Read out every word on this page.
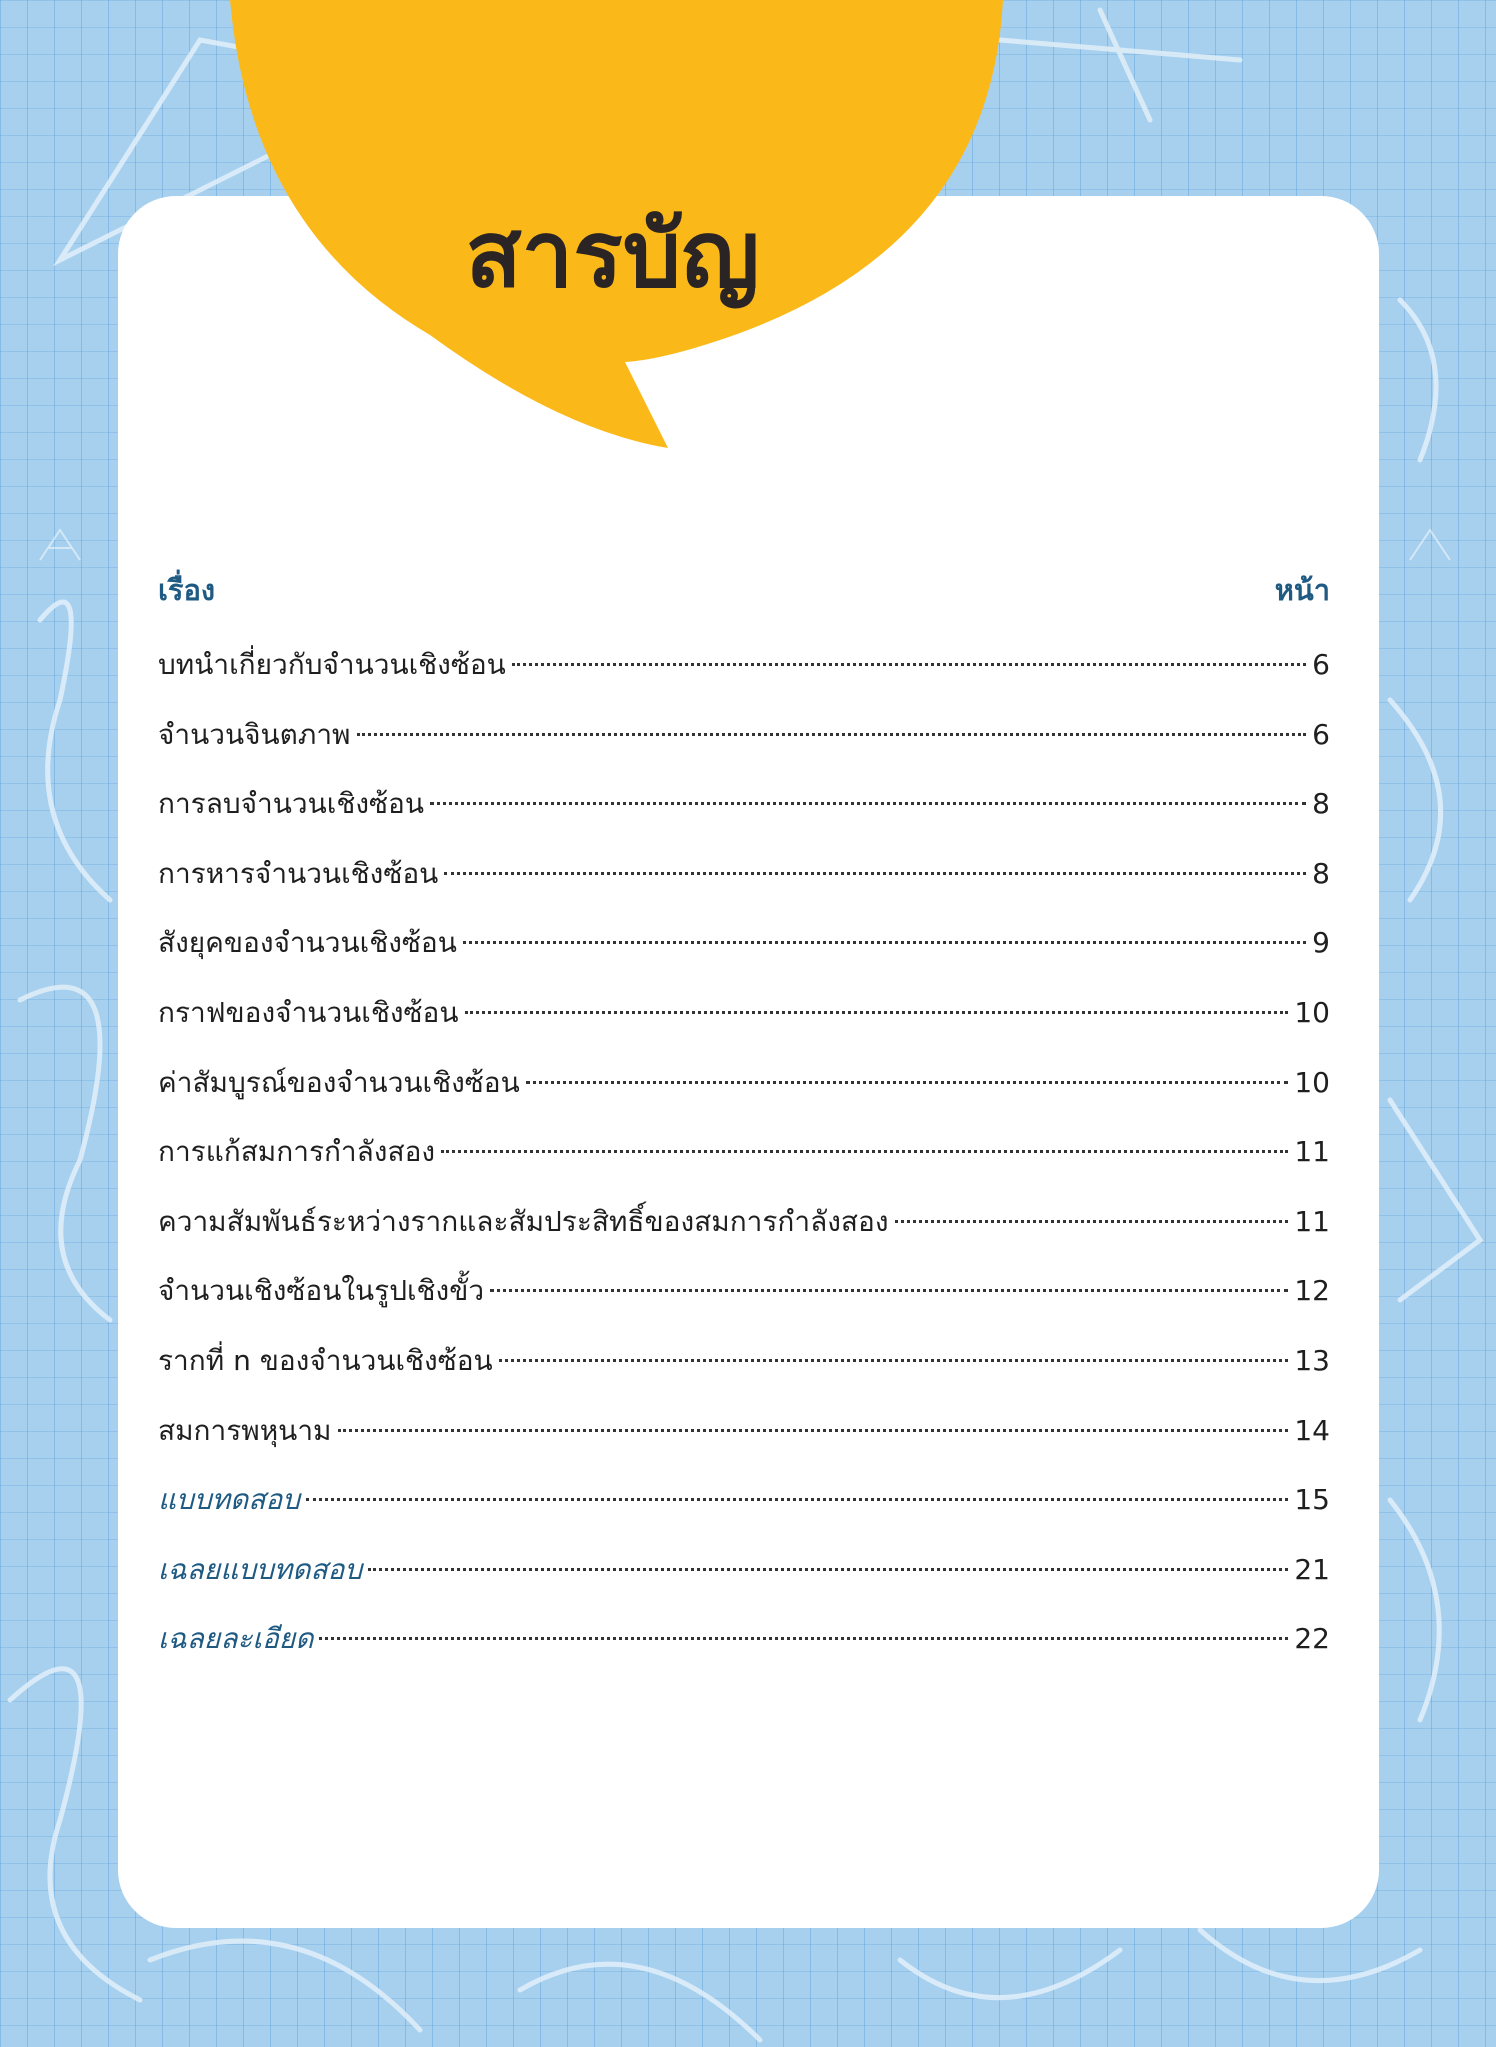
สารบัญ
เรื่อง	หน้า
บทนำเกี่ยวกับจำนวนเชิงซ้อน	6
จำนวนจินตภาพ	6
การลบจำนวนเชิงซ้อน	8
การหารจำนวนเชิงซ้อน	8
สังยุคของจำนวนเชิงซ้อน	9
กราฟของจำนวนเชิงซ้อน	10
ค่าสัมบูรณ์ของจำนวนเชิงซ้อน	10
การแก้สมการกำลังสอง	11
ความสัมพันธ์ระหว่างรากและสัมประสิทธิ์ของสมการกำลังสอง	11
จำนวนเชิงซ้อนในรูปเชิงขั้ว	12
รากที่ n ของจำนวนเชิงซ้อน	13
สมการพหุนาม	14
แบบทดสอบ	15
เฉลยแบบทดสอบ	21
เฉลยละเอียด	22
